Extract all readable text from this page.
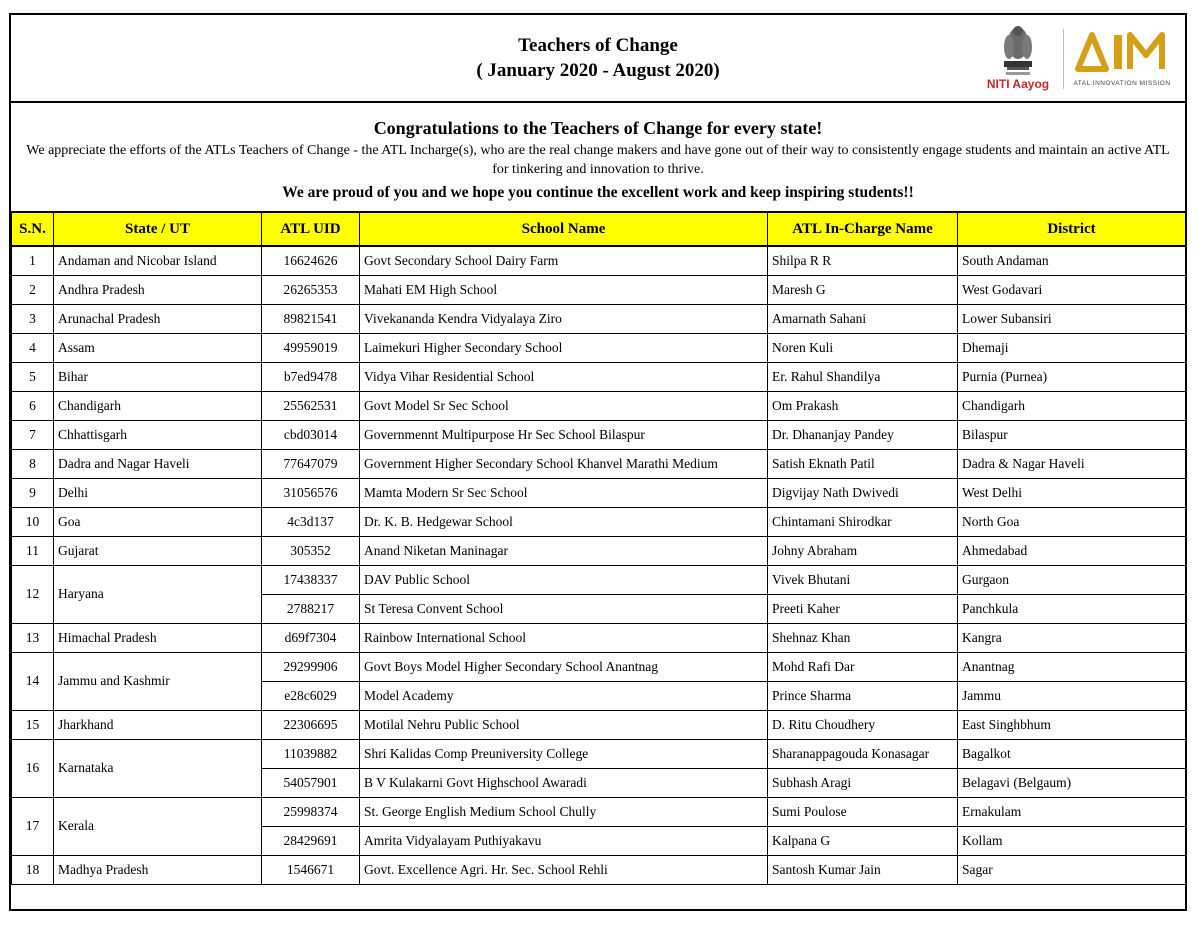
Teachers of Change
( January 2020 - August 2020)
NITI Aayog	ATAL INNOVATION MISSION
Congratulations to the Teachers of Change for every state!
We appreciate the efforts of the ATLs Teachers of Change - the ATL Incharge(s), who are the real change makers and have gone out of their way to consistently engage students and maintain an active ATL for tinkering and innovation to thrive.
We are proud of you and we hope you continue the excellent work and keep inspiring students!!
S.N.	State / UT	ATL UID	School Name	ATL In-Charge Name	District
1	Andaman and Nicobar Island	16624626	Govt Secondary School Dairy Farm	Shilpa R R	South Andaman
2	Andhra Pradesh	26265353	Mahati EM High School	Maresh G	West Godavari
3	Arunachal Pradesh	89821541	Vivekananda Kendra Vidyalaya Ziro	Amarnath Sahani	Lower Subansiri
4	Assam	49959019	Laimekuri Higher Secondary School	Noren Kuli	Dhemaji
5	Bihar	b7ed9478	Vidya Vihar Residential School	Er. Rahul Shandilya	Purnia (Purnea)
6	Chandigarh	25562531	Govt Model Sr Sec School	Om Prakash	Chandigarh
7	Chhattisgarh	cbd03014	Governmennt Multipurpose Hr Sec School Bilaspur	Dr. Dhananjay Pandey	Bilaspur
8	Dadra and Nagar Haveli	77647079	Government Higher Secondary School Khanvel Marathi Medium	Satish Eknath Patil	Dadra & Nagar Haveli
9	Delhi	31056576	Mamta Modern Sr Sec School	Digvijay Nath Dwivedi	West Delhi
10	Goa	4c3d137	Dr. K. B. Hedgewar School	Chintamani Shirodkar	North Goa
11	Gujarat	305352	Anand Niketan Maninagar	Johny Abraham	Ahmedabad
12	Haryana	17438337	DAV Public School	Vivek Bhutani	Gurgaon
		2788217	St Teresa Convent School	Preeti Kaher	Panchkula
13	Himachal Pradesh	d69f7304	Rainbow International School	Shehnaz Khan	Kangra
14	Jammu and Kashmir	29299906	Govt Boys Model Higher Secondary School Anantnag	Mohd Rafi Dar	Anantnag
		e28c6029	Model Academy	Prince Sharma	Jammu
15	Jharkhand	22306695	Motilal Nehru Public School	D. Ritu Choudhery	East Singhbhum
16	Karnataka	11039882	Shri Kalidas Comp Preuniversity College	Sharanappagouda Konasagar	Bagalkot
		54057901	B V Kulakarni Govt Highschool Awaradi	Subhash Aragi	Belagavi (Belgaum)
17	Kerala	25998374	St. George English Medium School Chully	Sumi Poulose	Ernakulam
		28429691	Amrita Vidyalayam Puthiyakavu	Kalpana G	Kollam
18	Madhya Pradesh	1546671	Govt. Excellence Agri. Hr. Sec. School Rehli	Santosh Kumar Jain	Sagar
